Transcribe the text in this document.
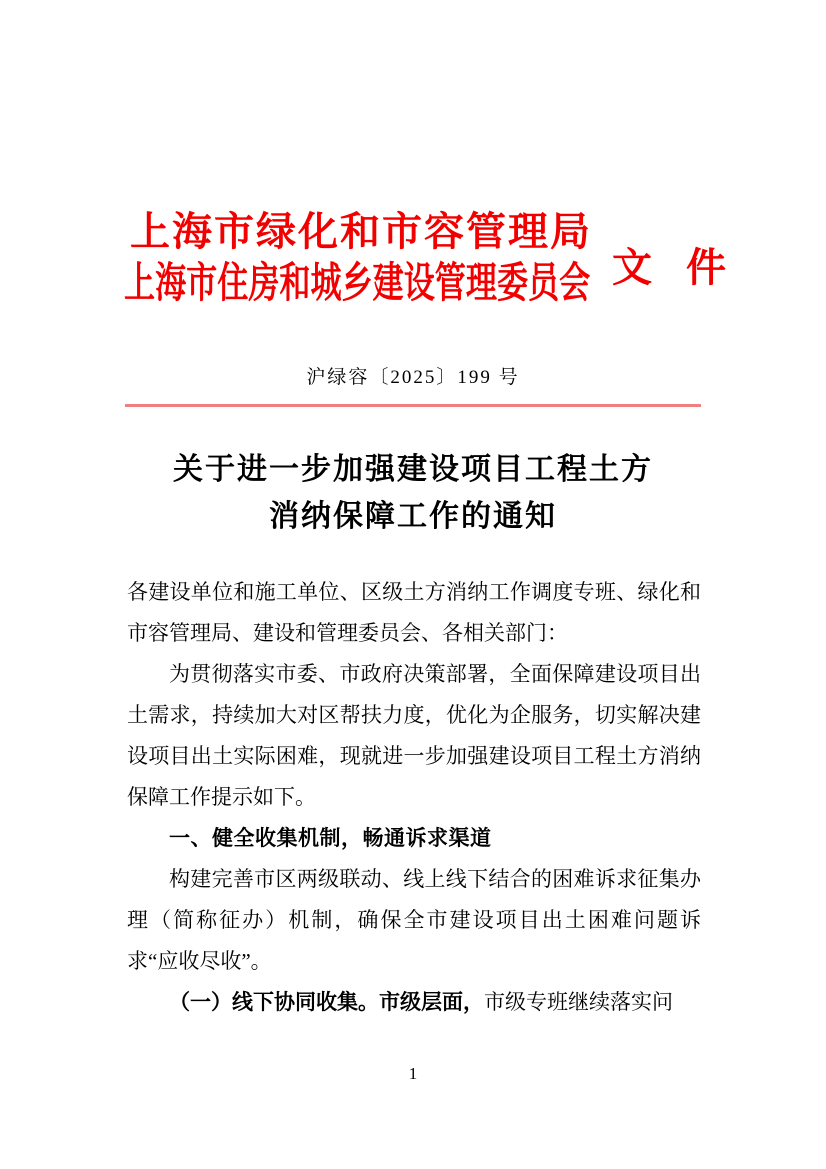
上海市绿化和市容管理局
上海市住房和城乡建设管理委员会 文 件
沪绿容〔2025〕199 号
关于进一步加强建设项目工程土方
消纳保障工作的通知

各建设单位和施工单位、区级土方消纳工作调度专班、绿化和市容管理局、建设和管理委员会、各相关部门：

为贯彻落实市委、市政府决策部署，全面保障建设项目出土需求，持续加大对区帮扶力度，优化为企服务，切实解决建设项目出土实际困难，现就进一步加强建设项目工程土方消纳保障工作提示如下。

一、健全收集机制，畅通诉求渠道

构建完善市区两级联动、线上线下结合的困难诉求征集办理（简称征办）机制，确保全市建设项目出土困难问题诉求“应收尽收”。

（一）线下协同收集。市级层面，市级专班继续落实问

1
